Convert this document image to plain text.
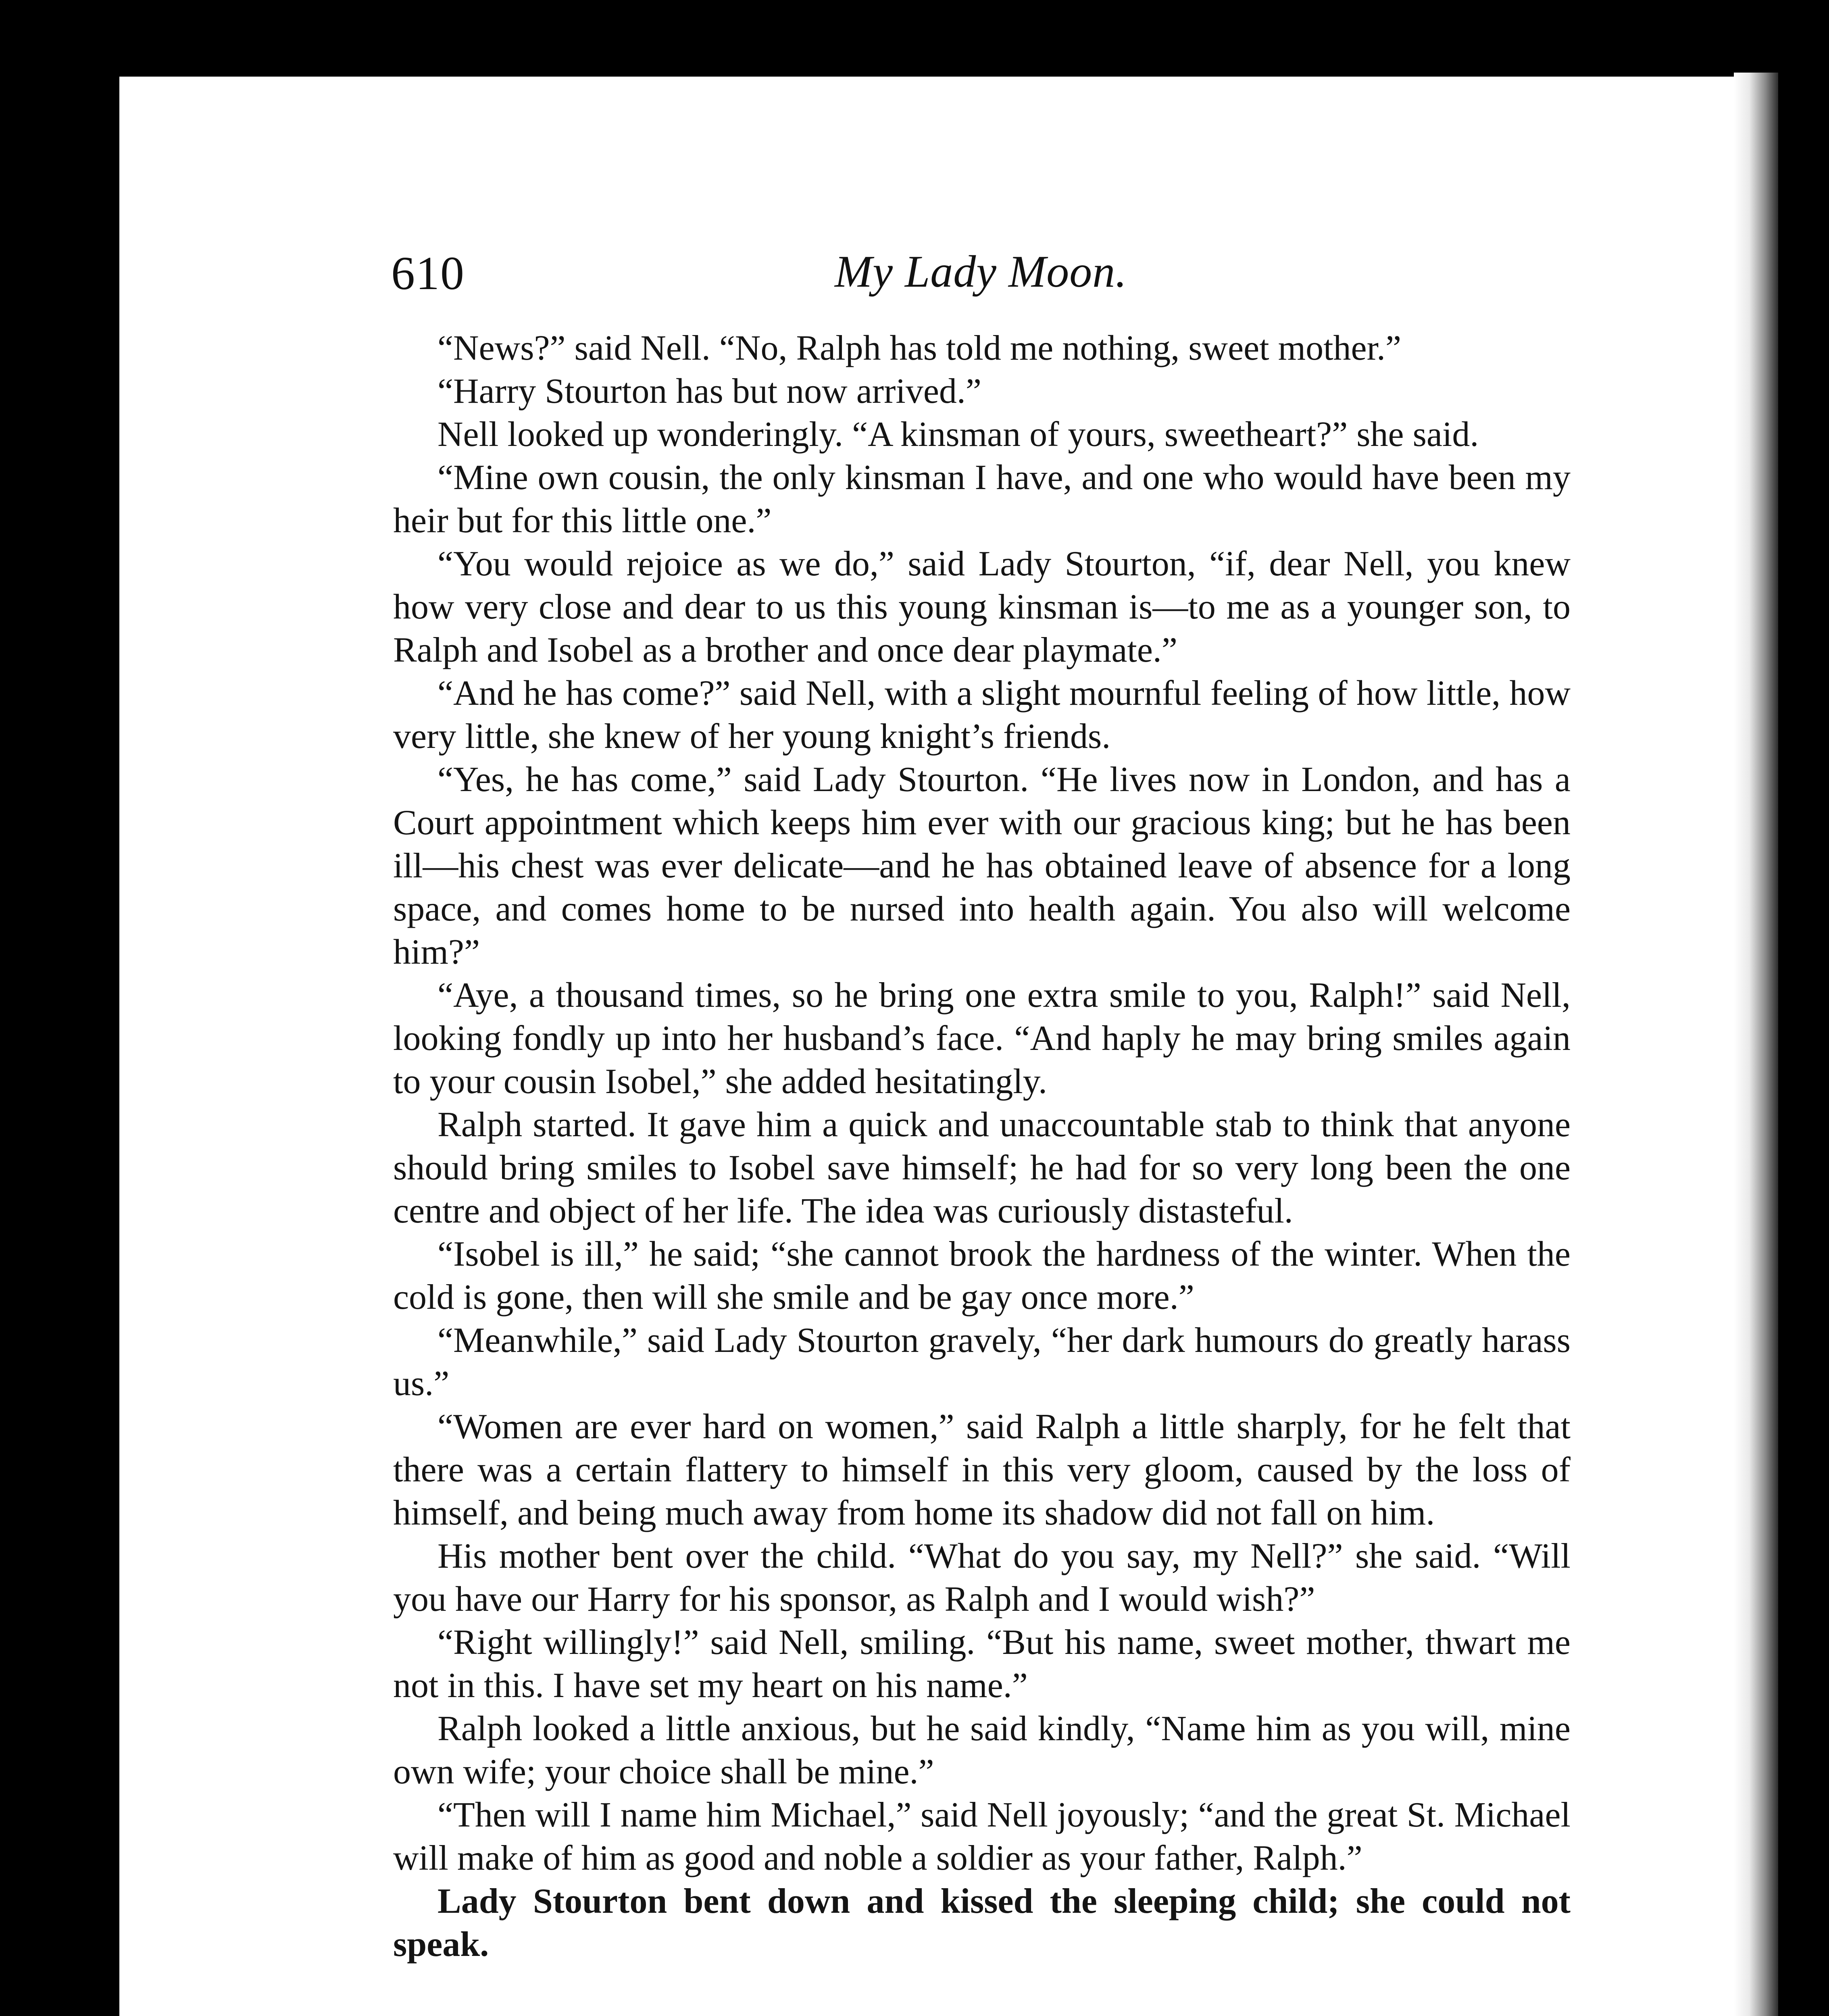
610	My Lady Moon.

“News?” said Nell. “No, Ralph has told me nothing, sweet mother.”

“Harry Stourton has but now arrived.”

Nell looked up wonderingly. “A kinsman of yours, sweetheart?” she said.

“Mine own cousin, the only kinsman I have, and one who would have been my heir but for this little one.”

“You would rejoice as we do,” said Lady Stourton, “if, dear Nell, you knew how very close and dear to us this young kinsman is—to me as a younger son, to Ralph and Isobel as a brother and once dear playmate.”

“And he has come?” said Nell, with a slight mournful feeling of how little, how very little, she knew of her young knight’s friends.

“Yes, he has come,” said Lady Stourton. “He lives now in London, and has a Court appointment which keeps him ever with our gracious king; but he has been ill—his chest was ever delicate—and he has obtained leave of absence for a long space, and comes home to be nursed into health again. You also will welcome him?”

“Aye, a thousand times, so he bring one extra smile to you, Ralph!” said Nell, looking fondly up into her husband’s face. “And haply he may bring smiles again to your cousin Isobel,” she added hesitatingly.

Ralph started. It gave him a quick and unaccountable stab to think that anyone should bring smiles to Isobel save himself; he had for so very long been the one centre and object of her life. The idea was curiously distasteful.

“Isobel is ill,” he said; “she cannot brook the hardness of the winter. When the cold is gone, then will she smile and be gay once more.”

“Meanwhile,” said Lady Stourton gravely, “her dark humours do greatly harass us.”

“Women are ever hard on women,” said Ralph a little sharply, for he felt that there was a certain flattery to himself in this very gloom, caused by the loss of himself, and being much away from home its shadow did not fall on him.

His mother bent over the child. “What do you say, my Nell?” she said. “Will you have our Harry for his sponsor, as Ralph and I would wish?”

“Right willingly!” said Nell, smiling. “But his name, sweet mother, thwart me not in this. I have set my heart on his name.”

Ralph looked a little anxious, but he said kindly, “Name him as you will, mine own wife; your choice shall be mine.”

“Then will I name him Michael,” said Nell joyously; “and the great St. Michael will make of him as good and noble a soldier as your father, Ralph.”

Lady Stourton bent down and kissed the sleeping child; she could not speak.
